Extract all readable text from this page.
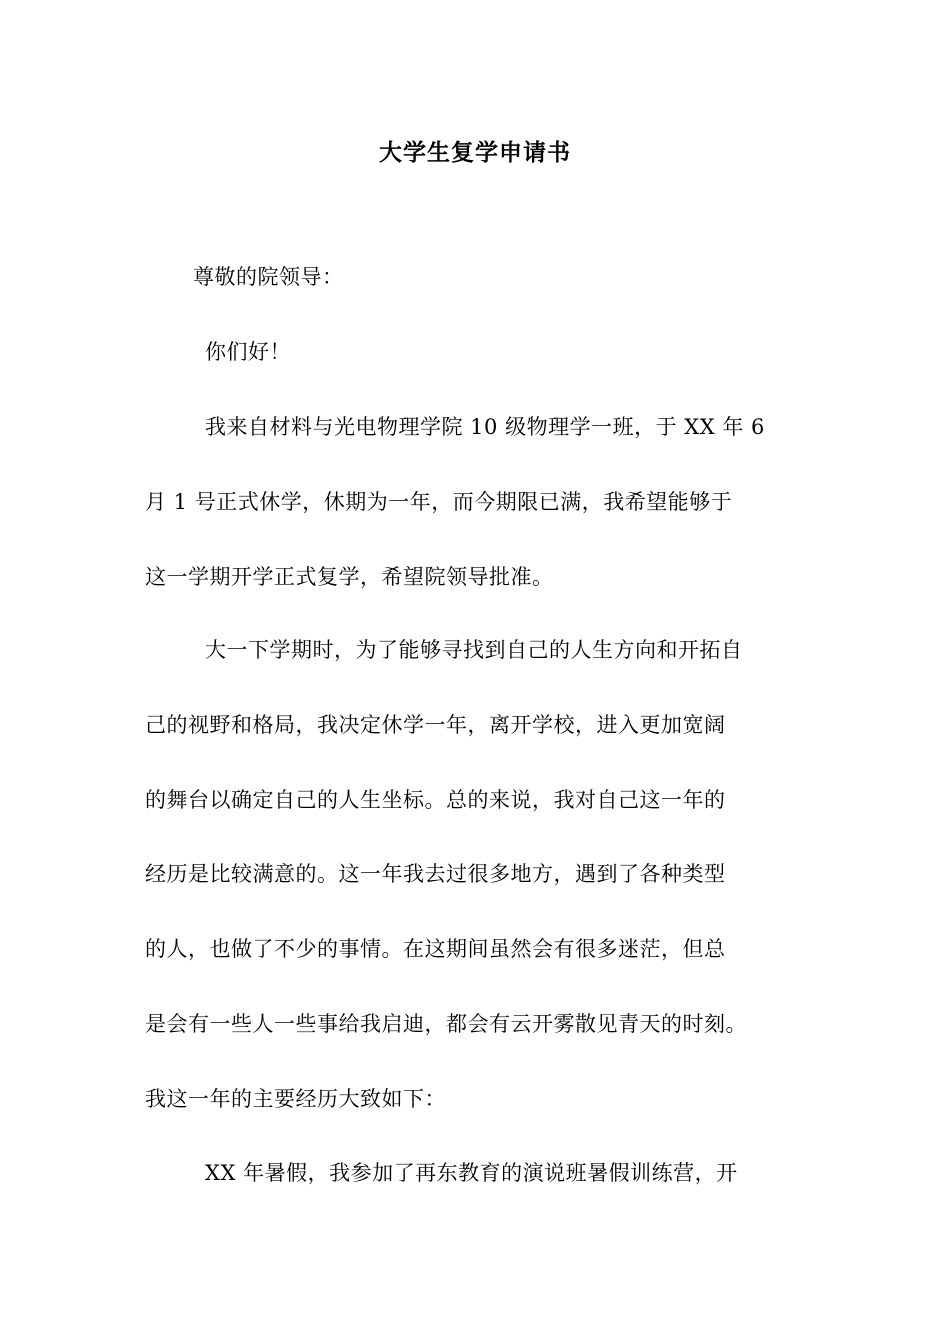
大学生复学申请书
尊敬的院领导：
你们好！
我来自材料与光电物理学院 10 级物理学一班，于 XX 年 6
月 1 号正式休学，休期为一年，而今期限已满，我希望能够于
这一学期开学正式复学，希望院领导批准。
大一下学期时，为了能够寻找到自己的人生方向和开拓自
己的视野和格局，我决定休学一年，离开学校，进入更加宽阔
的舞台以确定自己的人生坐标。总的来说，我对自己这一年的
经历是比较满意的。这一年我去过很多地方，遇到了各种类型
的人，也做了不少的事情。在这期间虽然会有很多迷茫，但总
是会有一些人一些事给我启迪，都会有云开雾散见青天的时刻。
我这一年的主要经历大致如下：
XX 年暑假，我参加了再东教育的演说班暑假训练营，开
